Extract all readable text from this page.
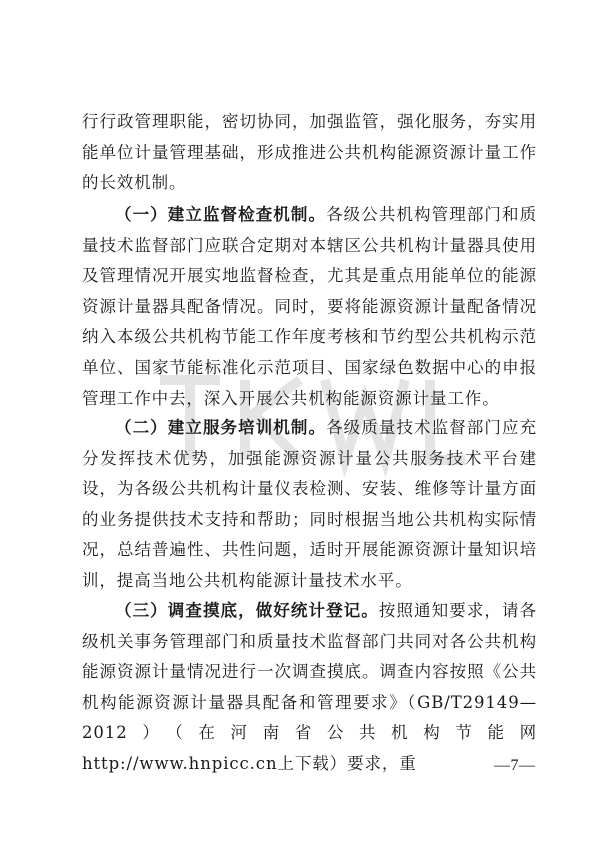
行行政管理职能，密切协同，加强监管，强化服务，夯实用能单位计量管理基础，形成推进公共机构能源资源计量工作的长效机制。

（一）建立监督检查机制。各级公共机构管理部门和质量技术监督部门应联合定期对本辖区公共机构计量器具使用及管理情况开展实地监督检查，尤其是重点用能单位的能源资源计量器具配备情况。同时，要将能源资源计量配备情况纳入本级公共机构节能工作年度考核和节约型公共机构示范单位、国家节能标准化示范项目、国家绿色数据中心的申报管理工作中去，深入开展公共机构能源资源计量工作。

（二）建立服务培训机制。各级质量技术监督部门应充分发挥技术优势，加强能源资源计量公共服务技术平台建设，为各级公共机构计量仪表检测、安装、维修等计量方面的业务提供技术支持和帮助；同时根据当地公共机构实际情况，总结普遍性、共性问题，适时开展能源资源计量知识培训，提高当地公共机构能源计量技术水平。

（三）调查摸底，做好统计登记。按照通知要求，请各级机关事务管理部门和质量技术监督部门共同对各公共机构能源资源计量情况进行一次调查摸底。调查内容按照《公共机构能源资源计量器具配备和管理要求》（GB/T29149—2012）（在河南省公共机构节能网http://www.hnpicc.cn上下载）要求，重	—7—
